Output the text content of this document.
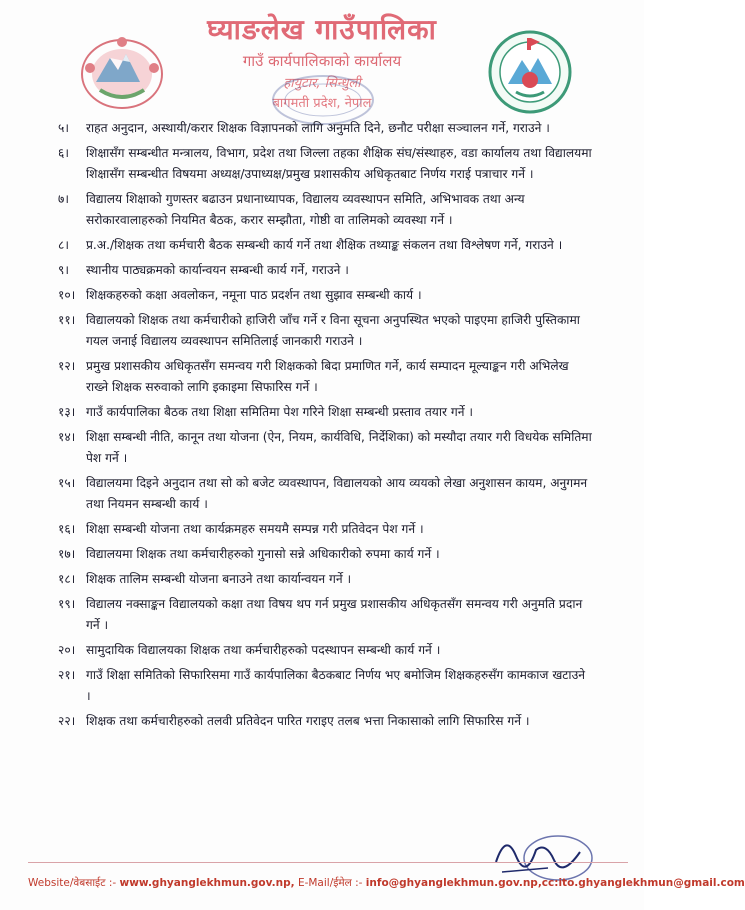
घ्याङलेख गाउँपालिका
गाउँ कार्यपालिकाको कार्यालय
हायुटार, सिन्धुली
बागमती प्रदेश, नेपाल
५।	राहत अनुदान, अस्थायी/करार शिक्षक विज्ञापनको लागि अनुमति दिने, छनौट परीक्षा सञ्चालन गर्ने, गराउने ।
६।	शिक्षासँग सम्बन्धीत मन्त्रालय, विभाग, प्रदेश तथा जिल्ला तहका शैक्षिक संघ/संस्थाहरु, वडा कार्यालय तथा विद्यालयमा शिक्षासँग सम्बन्धीत विषयमा अध्यक्ष/उपाध्यक्ष/प्रमुख प्रशासकीय अधिकृतबाट निर्णय गराई पत्राचार गर्ने ।
७।	विद्यालय शिक्षाको गुणस्तर बढाउन प्रधानाध्यापक, विद्यालय व्यवस्थापन समिति, अभिभावक तथा अन्य सरोकारवालाहरुको नियमित बैठक, करार सम्झौता, गोष्ठी वा तालिमको व्यवस्था गर्ने ।
८।	प्र.अ./शिक्षक तथा कर्मचारी बैठक सम्बन्धी कार्य गर्ने तथा शैक्षिक तथ्याङ्क संकलन तथा विश्लेषण गर्ने, गराउने ।
९।	स्थानीय पाठ्यक्रमको कार्यान्वयन सम्बन्धी कार्य गर्ने, गराउने ।
१०। शिक्षकहरुको कक्षा अवलोकन, नमूना पाठ प्रदर्शन तथा सुझाव सम्बन्धी कार्य ।
११। विद्यालयको शिक्षक तथा कर्मचारीको हाजिरी जाँच गर्ने र विना सूचना अनुपस्थित भएको पाइएमा हाजिरी पुस्तिकामा गयल जनाई विद्यालय व्यवस्थापन समितिलाई जानकारी गराउने ।
१२। प्रमुख प्रशासकीय अधिकृतसँग समन्वय गरी शिक्षकको बिदा प्रमाणित गर्ने, कार्य सम्पादन मूल्याङ्कन गरी अभिलेख राख्ने शिक्षक सरुवाको लागि इकाइमा सिफारिस गर्ने ।
१३। गाउँ कार्यपालिका बैठक तथा शिक्षा समितिमा पेश गरिने शिक्षा सम्बन्धी प्रस्ताव तयार गर्ने ।
१४। शिक्षा सम्बन्धी नीति, कानून तथा योजना (ऐन, नियम, कार्यविधि, निर्देशिका) को मस्यौदा तयार गरी विधयेक समितिमा पेश गर्ने ।
१५। विद्यालयमा दिइने अनुदान तथा सो को बजेट व्यवस्थापन, विद्यालयको आय व्ययको लेखा अनुशासन कायम, अनुगमन तथा नियमन सम्बन्धी कार्य ।
१६। शिक्षा सम्बन्धी योजना तथा कार्यक्रमहरु समयमै सम्पन्न गरी प्रतिवेदन पेश गर्ने ।
१७। विद्यालयमा शिक्षक तथा कर्मचारीहरुको गुनासो सन्ने अधिकारीको रुपमा कार्य गर्ने ।
१८। शिक्षक तालिम सम्बन्धी योजना बनाउने तथा कार्यान्वयन गर्ने ।
१९। विद्यालय नक्साङ्कन विद्यालयको कक्षा तथा विषय थप गर्न प्रमुख प्रशासकीय अधिकृतसँग समन्वय गरी अनुमति प्रदान गर्ने ।
२०। सामुदायिक विद्यालयका शिक्षक तथा कर्मचारीहरुको पदस्थापन सम्बन्धी कार्य गर्ने ।
२१। गाउँ शिक्षा समितिको सिफारिसमा गाउँ कार्यपालिका बैठकबाट निर्णय भए बमोजिम शिक्षकहरुसँग कामकाज खटाउने ।
२२। शिक्षक तथा कर्मचारीहरुको तलवी प्रतिवेदन पारित गराइए तलब भत्ता निकासाको लागि सिफारिस गर्ने ।
Website/वेबसाईट :- www.ghyanglekhmun.gov.np, E-Mail/ईमेल :- info@ghyanglekhmun.gov.np,cc:ito.ghyanglekhmun@gmail.com
